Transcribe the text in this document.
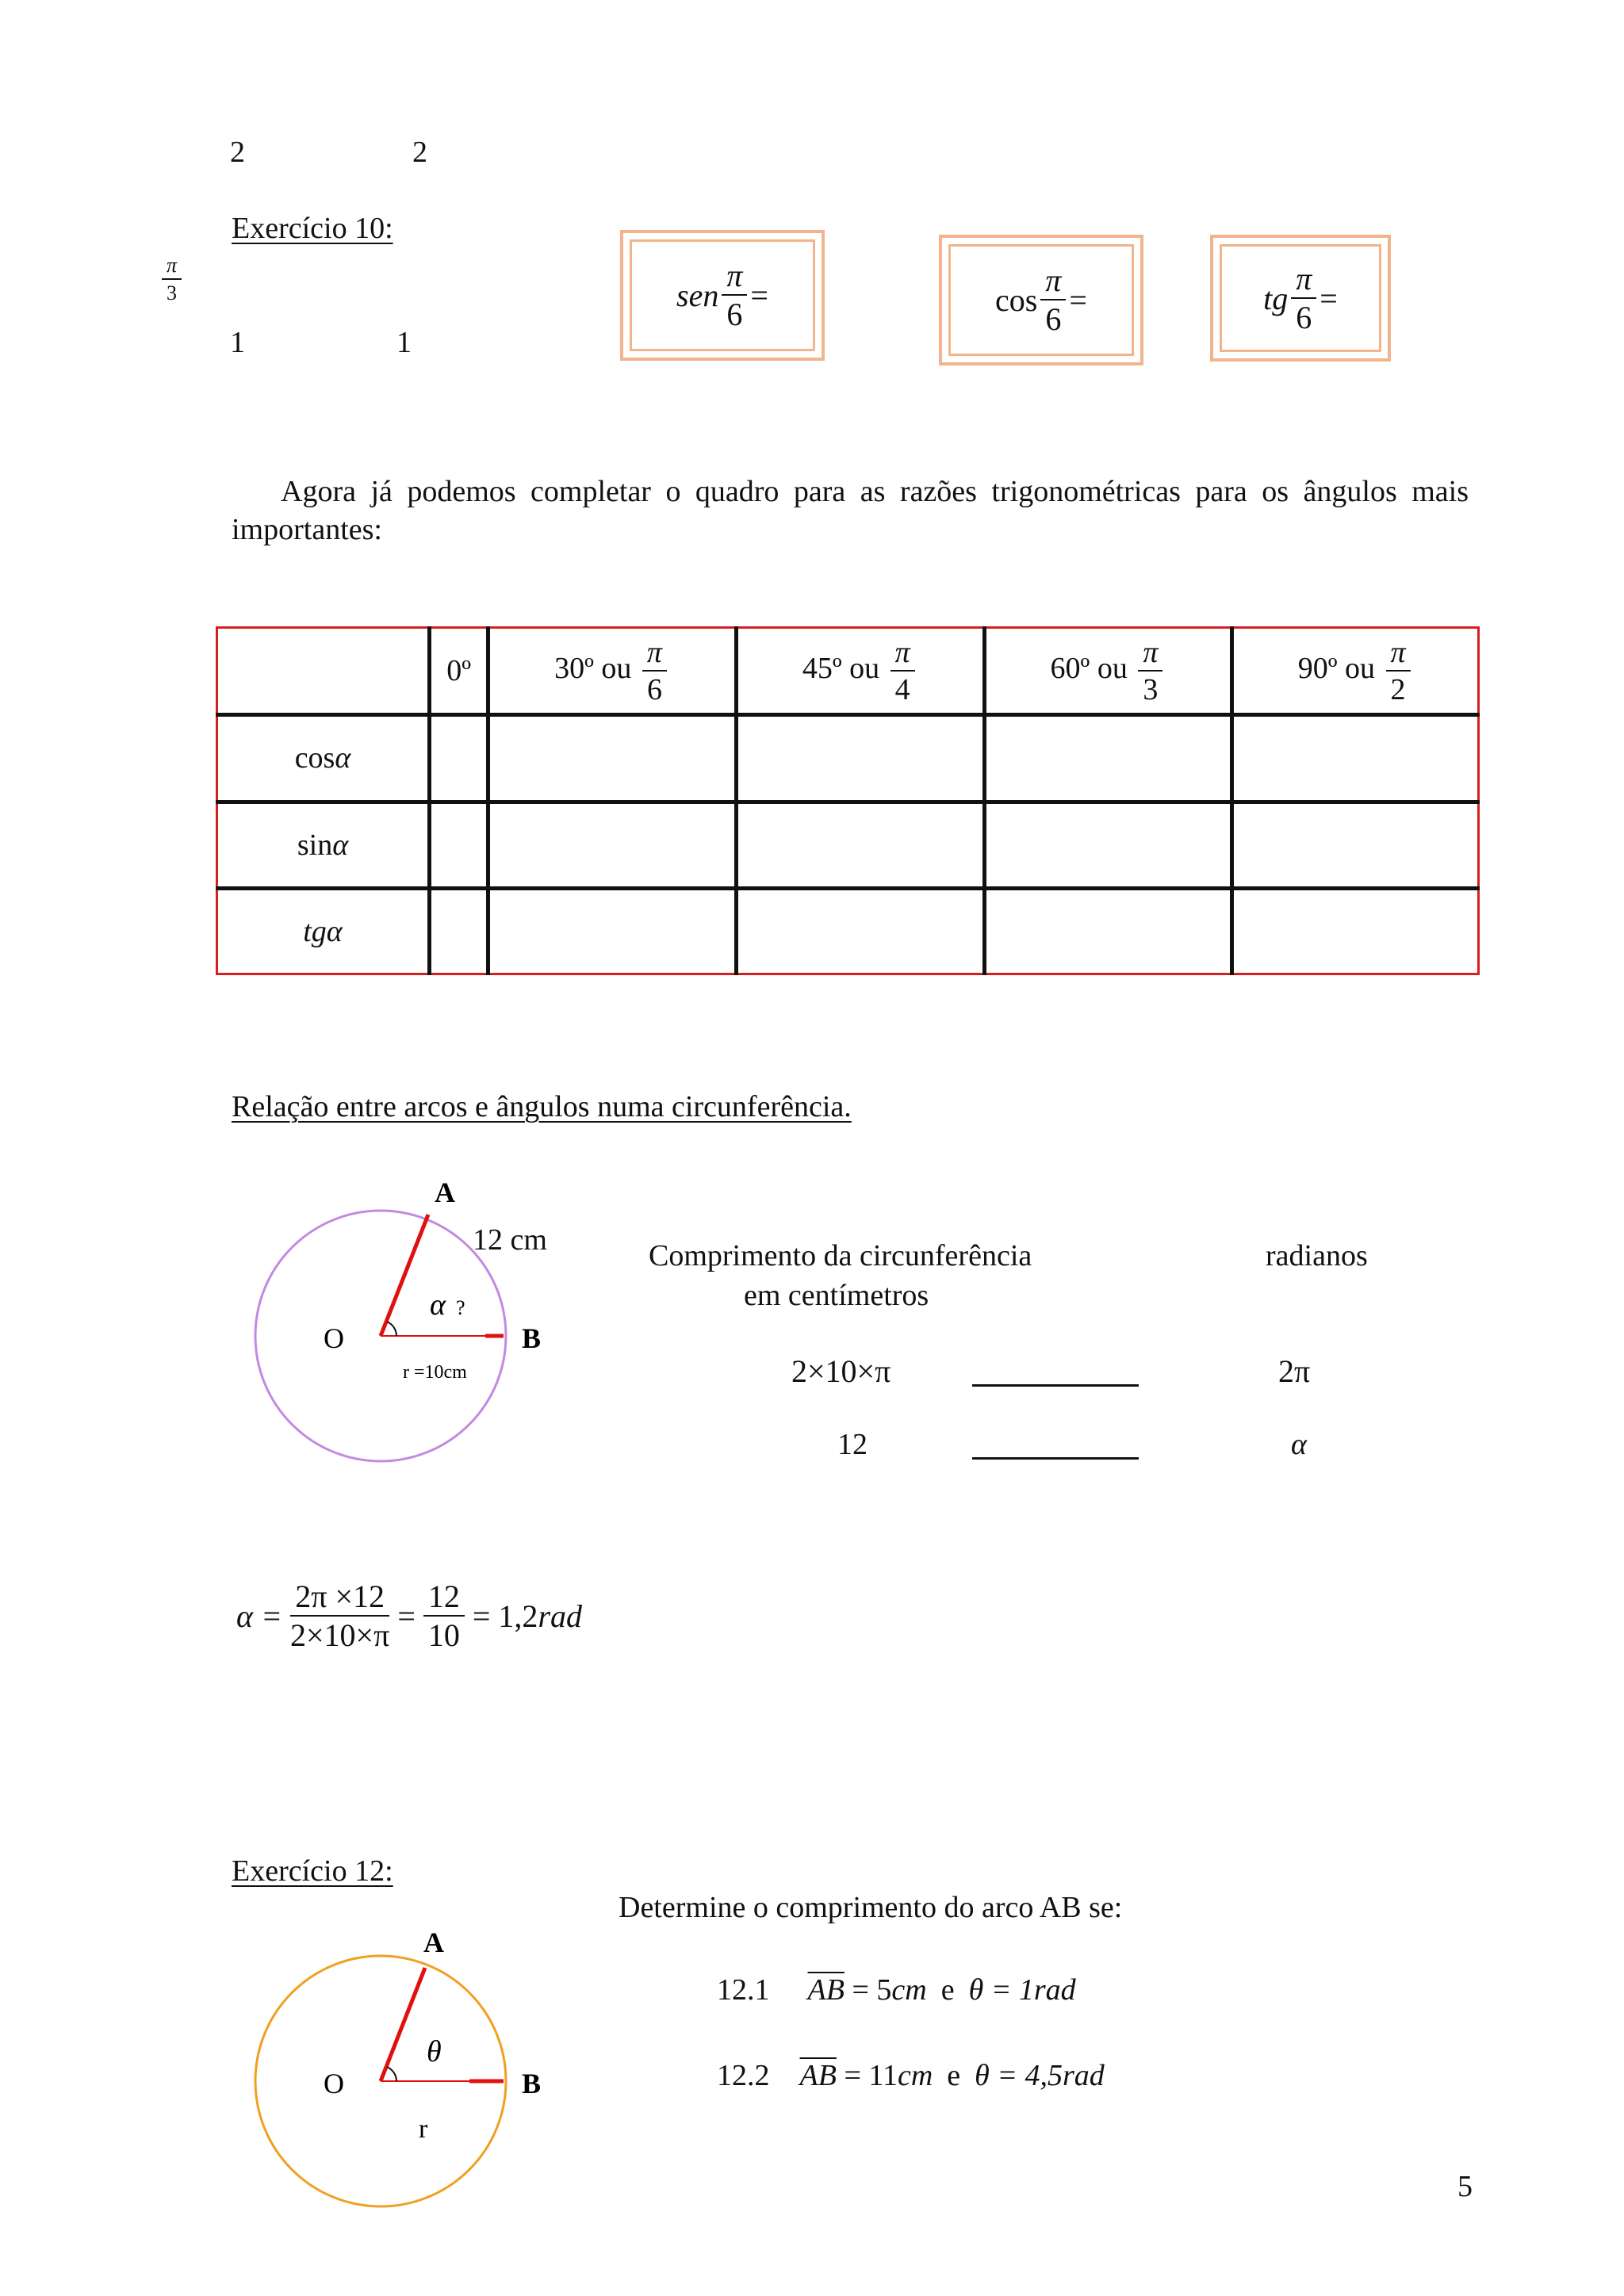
2	2
1	1
$\frac{\pi}{3}$
Exercício 10:
sen $\frac{\pi}{6}$ =	$\cos \frac{\pi}{6}$ =	tg $\frac{\pi}{6}$ =
Agora já podemos completar o quadro para as razões trigonométricas para os ângulos mais importantes:
	0º	30º ou $\frac{\pi}{6}$	45º ou $\frac{\pi}{4}$	60º ou $\frac{\pi}{3}$	90º ou $\frac{\pi}{2}$

cosα					
sinα					
tgα					
Relação entre arcos e ângulos numa circunferência.
A
B
O
α ?
r =10cm
12 cm	Comprimento da circunferência
em centímetros
radianos
2×10×π	2π
12	α
$\alpha = \frac{2\pi \times 12}{2\times 10\times\pi} = \frac{12}{10} = 1,2$ rad
Exercício 12:
Determine o comprimento do arco AB se:
A
B
O
θ
r
12.1 $\overline{AB} = 5cm$ e θ = 1rad
12.2 $\overline{AB} = 11cm$ e θ = 4,5rad
5
